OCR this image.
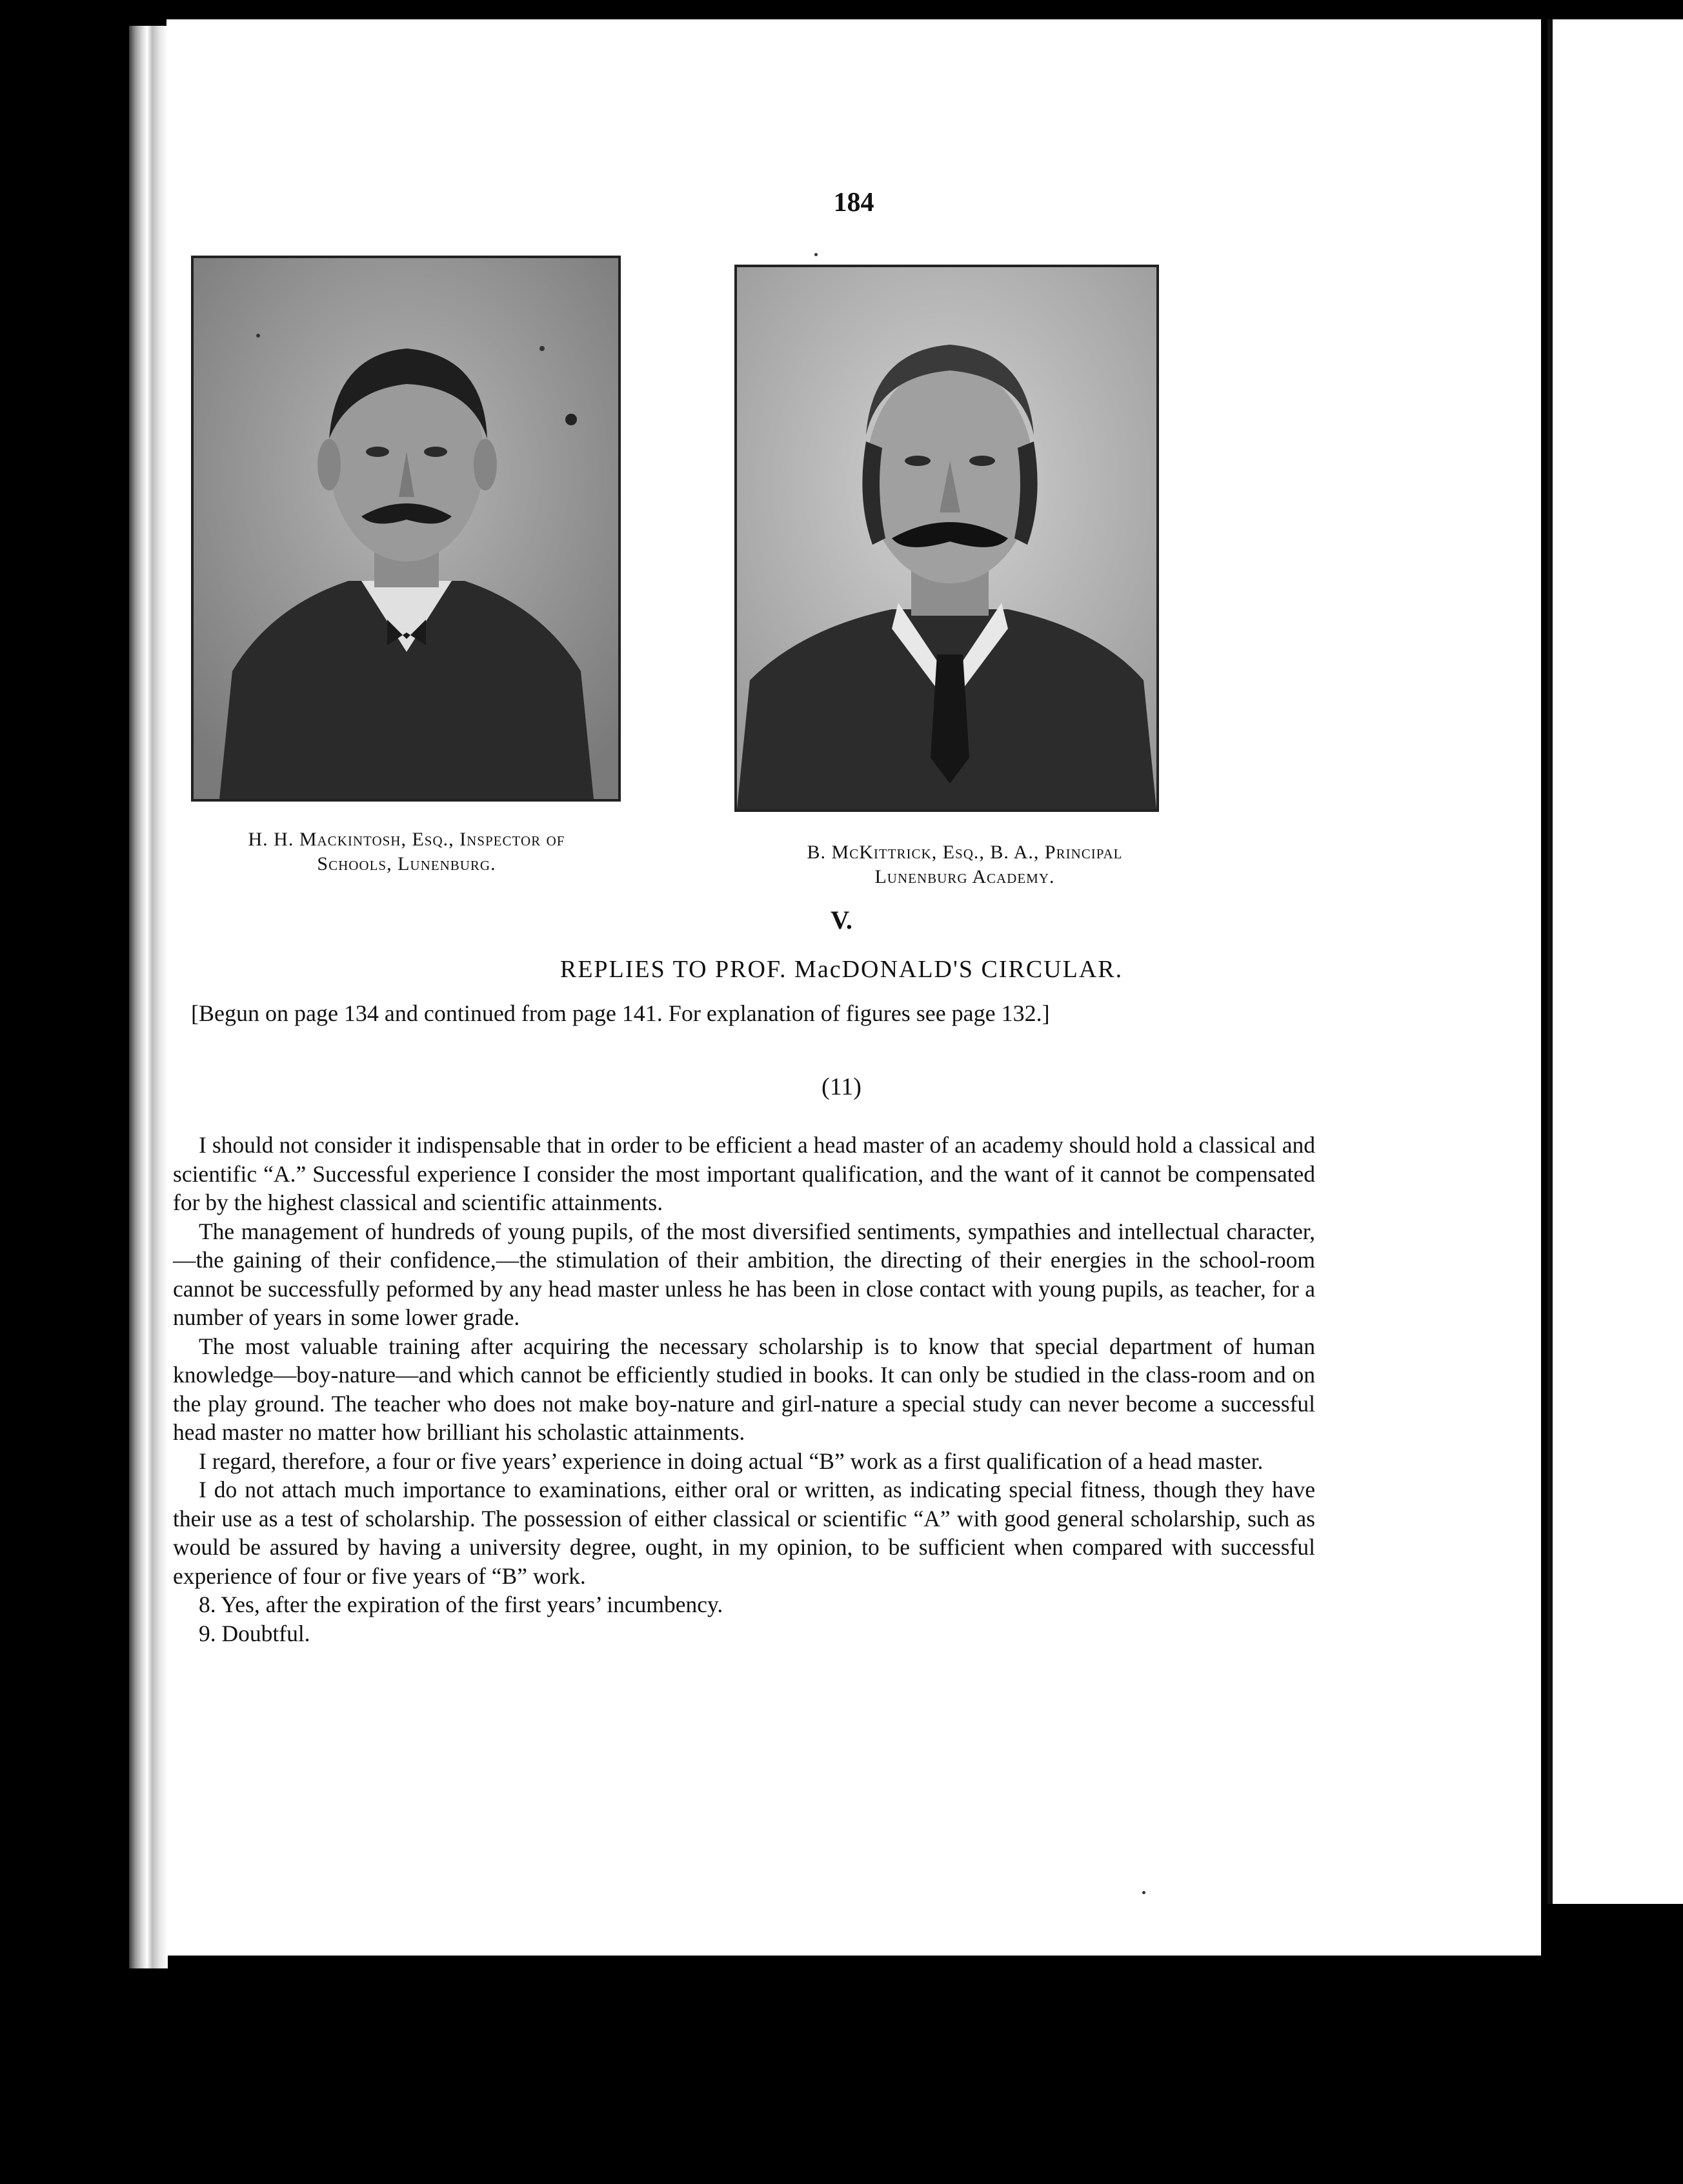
184
H. H. Mackintosh, Esq., Inspector of
Schools, Lunenburg.
B. McKittrick, Esq., B. A., Principal
Lunenburg Academy.
V.
REPLIES TO PROF. MacDONALD'S CIRCULAR.
[Begun on page 134 and continued from page 141. For explanation of figures see page 132.]
(11)

I should not consider it indispensable that in order to be efficient a head master of an academy should hold a classical and scientific “A.” Successful experience I consider the most important qualification, and the want of it cannot be compensated for by the highest classical and scientific attainments.

The management of hundreds of young pupils, of the most diversified sentiments, sympathies and intellectual character,—the gaining of their confidence,—the stimulation of their ambition, the directing of their energies in the school-room cannot be successfully peformed by any head master unless he has been in close contact with young pupils, as teacher, for a number of years in some lower grade.

The most valuable training after acquiring the necessary scholarship is to know that special department of human knowledge—boy-nature—and which cannot be efficiently studied in books. It can only be studied in the class-room and on the play ground. The teacher who does not make boy-nature and girl-nature a special study can never become a successful head master no matter how brilliant his scholastic attainments.

I regard, therefore, a four or five years’ experience in doing actual “B” work as a first qualification of a head master.

I do not attach much importance to examinations, either oral or written, as indicating special fitness, though they have their use as a test of scholarship. The possession of either classical or scientific “A” with good general scholarship, such as would be assured by having a university degree, ought, in my opinion, to be sufficient when compared with successful experience of four or five years of “B” work.

8. Yes, after the expiration of the first years’ incumbency.

9. Doubtful.
